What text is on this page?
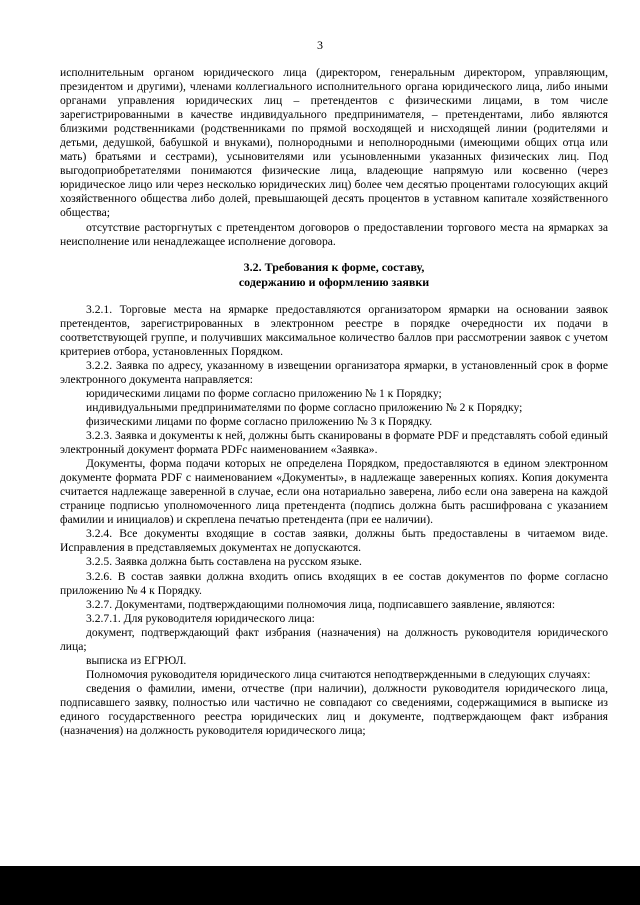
3

исполнительным органом юридического лица (директором, генеральным директором, управляющим, президентом и другими), членами коллегиального исполнительного органа юридического лица, либо иными органами управления юридических лиц – претендентов с физическими лицами, в том числе зарегистрированными в качестве индивидуального предпринимателя, – претендентами, либо являются близкими родственниками (родственниками по прямой восходящей и нисходящей линии (родителями и детьми, дедушкой, бабушкой и внуками), полнородными и неполнородными (имеющими общих отца или мать) братьями и сестрами), усыновителями или усыновленными указанных физических лиц. Под выгодоприобретателями понимаются физические лица, владеющие напрямую или косвенно (через юридическое лицо или через несколько юридических лиц) более чем десятью процентами голосующих акций хозяйственного общества либо долей, превышающей десять процентов в уставном капитале хозяйственного общества;

отсутствие расторгнутых с претендентом договоров о предоставлении торгового места на ярмарках за неисполнение или ненадлежащее исполнение договора.

3.2. Требования к форме, составу,
содержанию и оформлению заявки

3.2.1. Торговые места на ярмарке предоставляются организатором ярмарки на основании заявок претендентов, зарегистрированных в электронном реестре в порядке очередности их подачи в соответствующей группе, и получивших максимальное количество баллов при рассмотрении заявок с учетом критериев отбора, установленных Порядком.

3.2.2. Заявка по адресу, указанному в извещении организатора ярмарки, в установленный срок в форме электронного документа направляется:

юридическими лицами по форме согласно приложению № 1 к Порядку;

индивидуальными предпринимателями по форме согласно приложению № 2 к Порядку;

физическими лицами по форме согласно приложению № 3 к Порядку.

3.2.3. Заявка и документы к ней, должны быть сканированы в формате PDF и представлять собой единый электронный документ формата PDFс наименованием «Заявка».

Документы, форма подачи которых не определена Порядком, предоставляются в едином электронном документе формата PDF с наименованием «Документы», в надлежаще заверенных копиях. Копия документа считается надлежаще заверенной в случае, если она нотариально заверена, либо если она заверена на каждой странице подписью уполномоченного лица претендента (подпись должна быть расшифрована с указанием фамилии и инициалов) и скреплена печатью претендента (при ее наличии).

3.2.4. Все документы входящие в состав заявки, должны быть предоставлены в читаемом виде. Исправления в представляемых документах не допускаются.

3.2.5. Заявка должна быть составлена на русском языке.

3.2.6. В состав заявки должна входить опись входящих в ее состав документов по форме согласно приложению № 4 к Порядку.

3.2.7. Документами, подтверждающими полномочия лица, подписавшего заявление, являются:

3.2.7.1. Для руководителя юридического лица:

документ, подтверждающий факт избрания (назначения) на должность руководителя юридического лица;

выписка из ЕГРЮЛ.

Полномочия руководителя юридического лица считаются неподтвержденными в следующих случаях:

сведения о фамилии, имени, отчестве (при наличии), должности руководителя юридического лица, подписавшего заявку, полностью или частично не совпадают со сведениями, содержащимися в выписке из единого государственного реестра юридических лиц и документе, подтверждающем факт избрания (назначения) на должность руководителя юридического лица;
